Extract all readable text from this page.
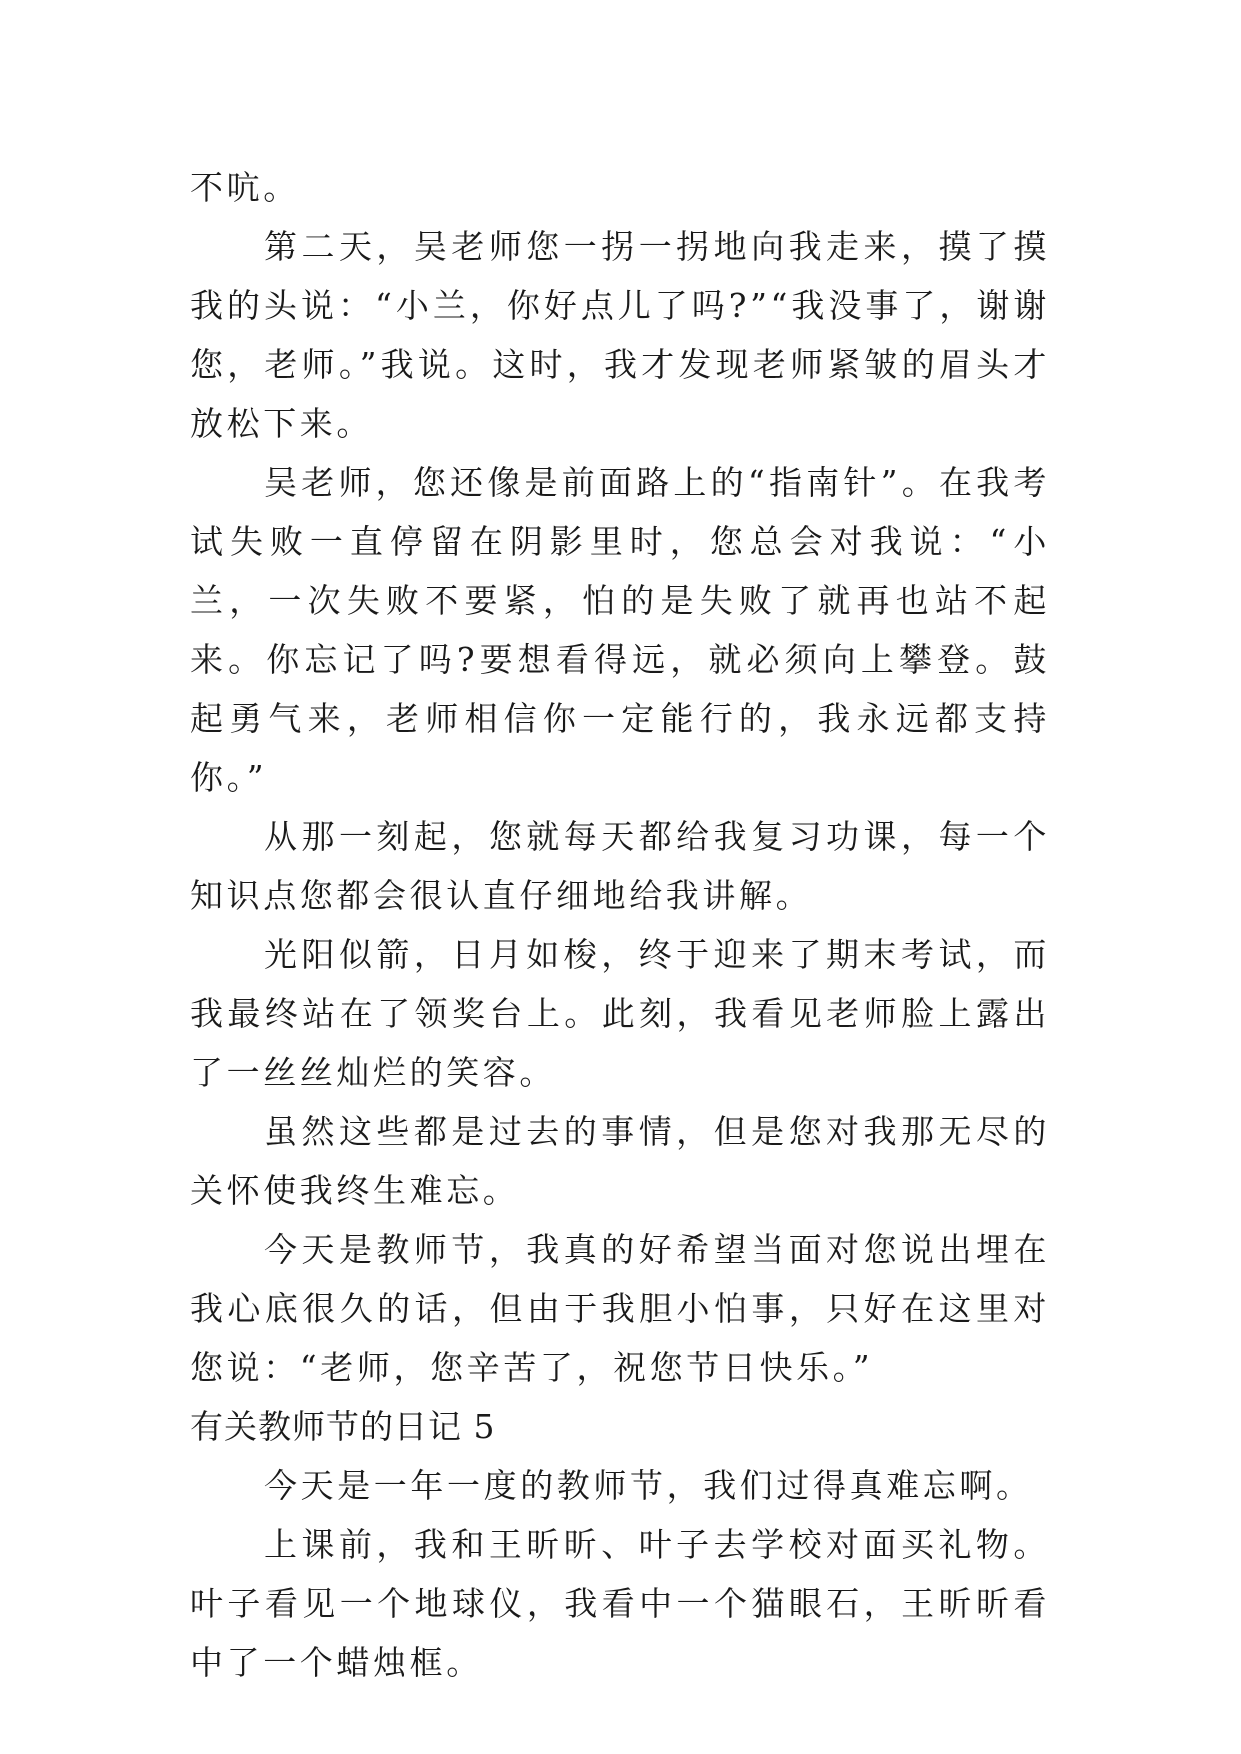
不吭。

第二天，吴老师您一拐一拐地向我走来，摸了摸我的头说：“小兰，你好点儿了吗?”“我没事了，谢谢您，老师。”我说。这时，我才发现老师紧皱的眉头才放松下来。

吴老师，您还像是前面路上的“指南针”。在我考试失败一直停留在阴影里时，您总会对我说：“小兰，一次失败不要紧，怕的是失败了就再也站不起来。你忘记了吗?要想看得远，就必须向上攀登。鼓起勇气来，老师相信你一定能行的，我永远都支持你。”

从那一刻起，您就每天都给我复习功课，每一个知识点您都会很认直仔细地给我讲解。

光阳似箭，日月如梭，终于迎来了期末考试，而我最终站在了领奖台上。此刻，我看见老师脸上露出了一丝丝灿烂的笑容。

虽然这些都是过去的事情，但是您对我那无尽的关怀使我终生难忘。

今天是教师节，我真的好希望当面对您说出埋在我心底很久的话，但由于我胆小怕事，只好在这里对您说：“老师，您辛苦了，祝您节日快乐。”

有关教师节的日记 5

今天是一年一度的教师节，我们过得真难忘啊。

上课前，我和王昕昕、叶子去学校对面买礼物。叶子看见一个地球仪，我看中一个猫眼石，王昕昕看中了一个蜡烛框。
